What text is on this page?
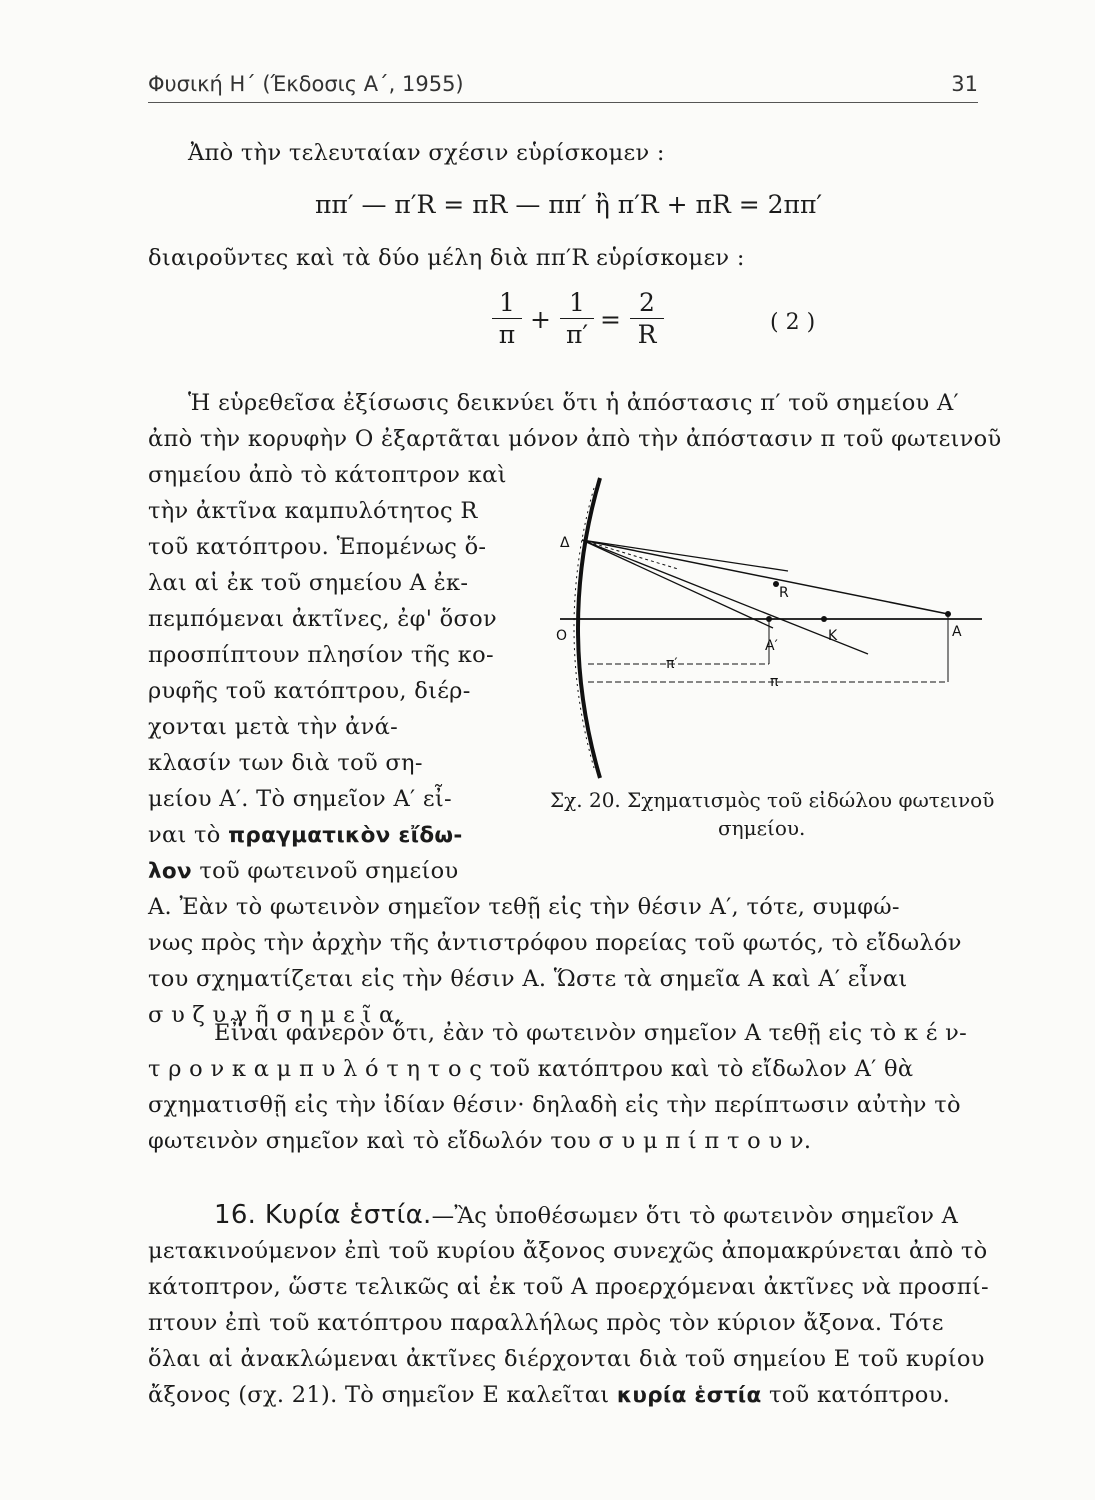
Φυσική Η΄ (Έκδοσις Α΄, 1955)	31
Ἀπὸ τὴν τελευταίαν σχέσιν εὑρίσκομεν :
ππ′ — π′R = πR — ππ′ ἢ π′R + πR = 2ππ′
διαιροῦντες καὶ τὰ δύο μέλη διὰ ππ′R εὑρίσκομεν :
$\frac{1}{\pi} + \frac{1}{\pi'} = \frac{2}{R}$	( 2 )
Ἡ εὑρεθεῖσα ἐξίσωσις δεικνύει ὅτι ἡ ἀπόστασις π′ τοῦ σημείου Α′
ἀπὸ τὴν κορυφὴν Ο ἐξαρτᾶται μόνον ἀπὸ τὴν ἀπόστασιν π τοῦ φωτεινοῦ
σημείου ἀπὸ τὸ κάτοπτρον καὶ
τὴν ἀκτῖνα καμπυλότητος R
τοῦ κατόπτρου. Ἑπομένως ὅ-
λαι αἱ ἐκ τοῦ σημείου Α ἐκ-
πεμπόμεναι ἀκτῖνες, ἐφ' ὅσον
προσπίπτουν πλησίον τῆς κο-
ρυφῆς τοῦ κατόπτρου, διέρ-
χονται μετὰ τὴν ἀνά-
κλασίν των διὰ τοῦ ση-
μείου Α′. Τὸ σημεῖον Α′ εἶ-
ναι τὸ πραγματικὸν εἴδω-
λον τοῦ φωτεινοῦ σημείου
Α. Ἐὰν τὸ φωτεινὸν σημεῖον τεθῇ εἰς τὴν θέσιν Α′, τότε, συμφώ-
νως πρὸς τὴν ἀρχὴν τῆς ἀντιστρόφου πορείας τοῦ φωτός, τὸ εἴδωλόν
του σχηματίζεται εἰς τὴν θέσιν Α. Ὥστε τὰ σημεῖα Α καὶ Α′ εἶναι
σ υ ζ υ γ ῆ σ η μ ε ῖ α.
Δ
O
R
K
A′
A
π′
π
Σχ. 20. Σχηματισμὸς τοῦ εἰδώλου φωτεινοῦ
σημείου.
Εἶναι φανερὸν ὅτι, ἐὰν τὸ φωτεινὸν σημεῖον Α τεθῇ εἰς τὸ κ έ ν-
τ ρ ο ν κ α μ π υ λ ό τ η τ ο ς τοῦ κατόπτρου καὶ τὸ εἴδωλον Α′ θὰ
σχηματισθῇ εἰς τὴν ἰδίαν θέσιν· δηλαδὴ εἰς τὴν περίπτωσιν αὐτὴν τὸ
φωτεινὸν σημεῖον καὶ τὸ εἴδωλόν του σ υ μ π ί π τ ο υ ν.
16. Κυρία ἑστία.—Ἂς ὑποθέσωμεν ὅτι τὸ φωτεινὸν σημεῖον Α
μετακινούμενον ἐπὶ τοῦ κυρίου ἄξονος συνεχῶς ἀπομακρύνεται ἀπὸ τὸ
κάτοπτρον, ὥστε τελικῶς αἱ ἐκ τοῦ Α προερχόμεναι ἀκτῖνες νὰ προσπί-
πτουν ἐπὶ τοῦ κατόπτρου παραλλήλως πρὸς τὸν κύριον ἄξονα. Τότε
ὅλαι αἱ ἀνακλώμεναι ἀκτῖνες διέρχονται διὰ τοῦ σημείου Ε τοῦ κυρίου
ἄξονος (σχ. 21). Τὸ σημεῖον Ε καλεῖται κυρία ἑστία τοῦ κατόπτρου.
